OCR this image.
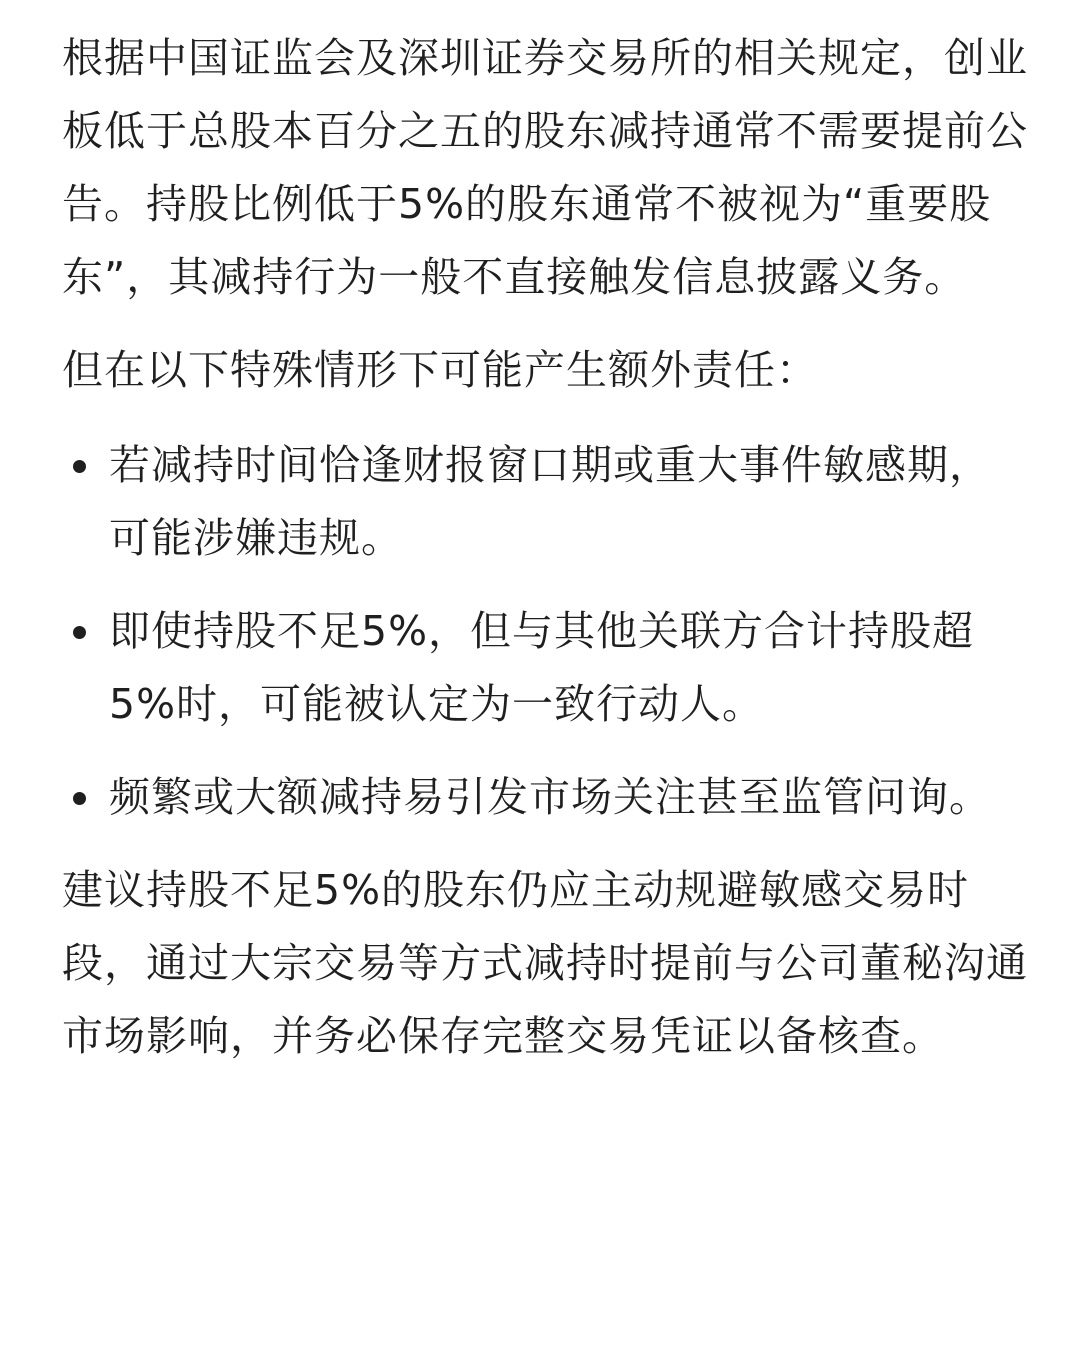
根据中国证监会及深圳证券交易所的相关规定，创业板低于总股本百分之五的股东减持通常不需要提前公告。持股比例低于5%的股东通常不被视为“重要股东”，其减持行为一般不直接触发信息披露义务。

但在以下特殊情形下可能产生额外责任：

若减持时间恰逢财报窗口期或重大事件敏感期，可能涉嫌违规。
即使持股不足5%，但与其他关联方合计持股超5%时，可能被认定为一致行动人。
频繁或大额减持易引发市场关注甚至监管问询。

建议持股不足5%的股东仍应主动规避敏感交易时段，通过大宗交易等方式减持时提前与公司董秘沟通市场影响，并务必保存完整交易凭证以备核查。
